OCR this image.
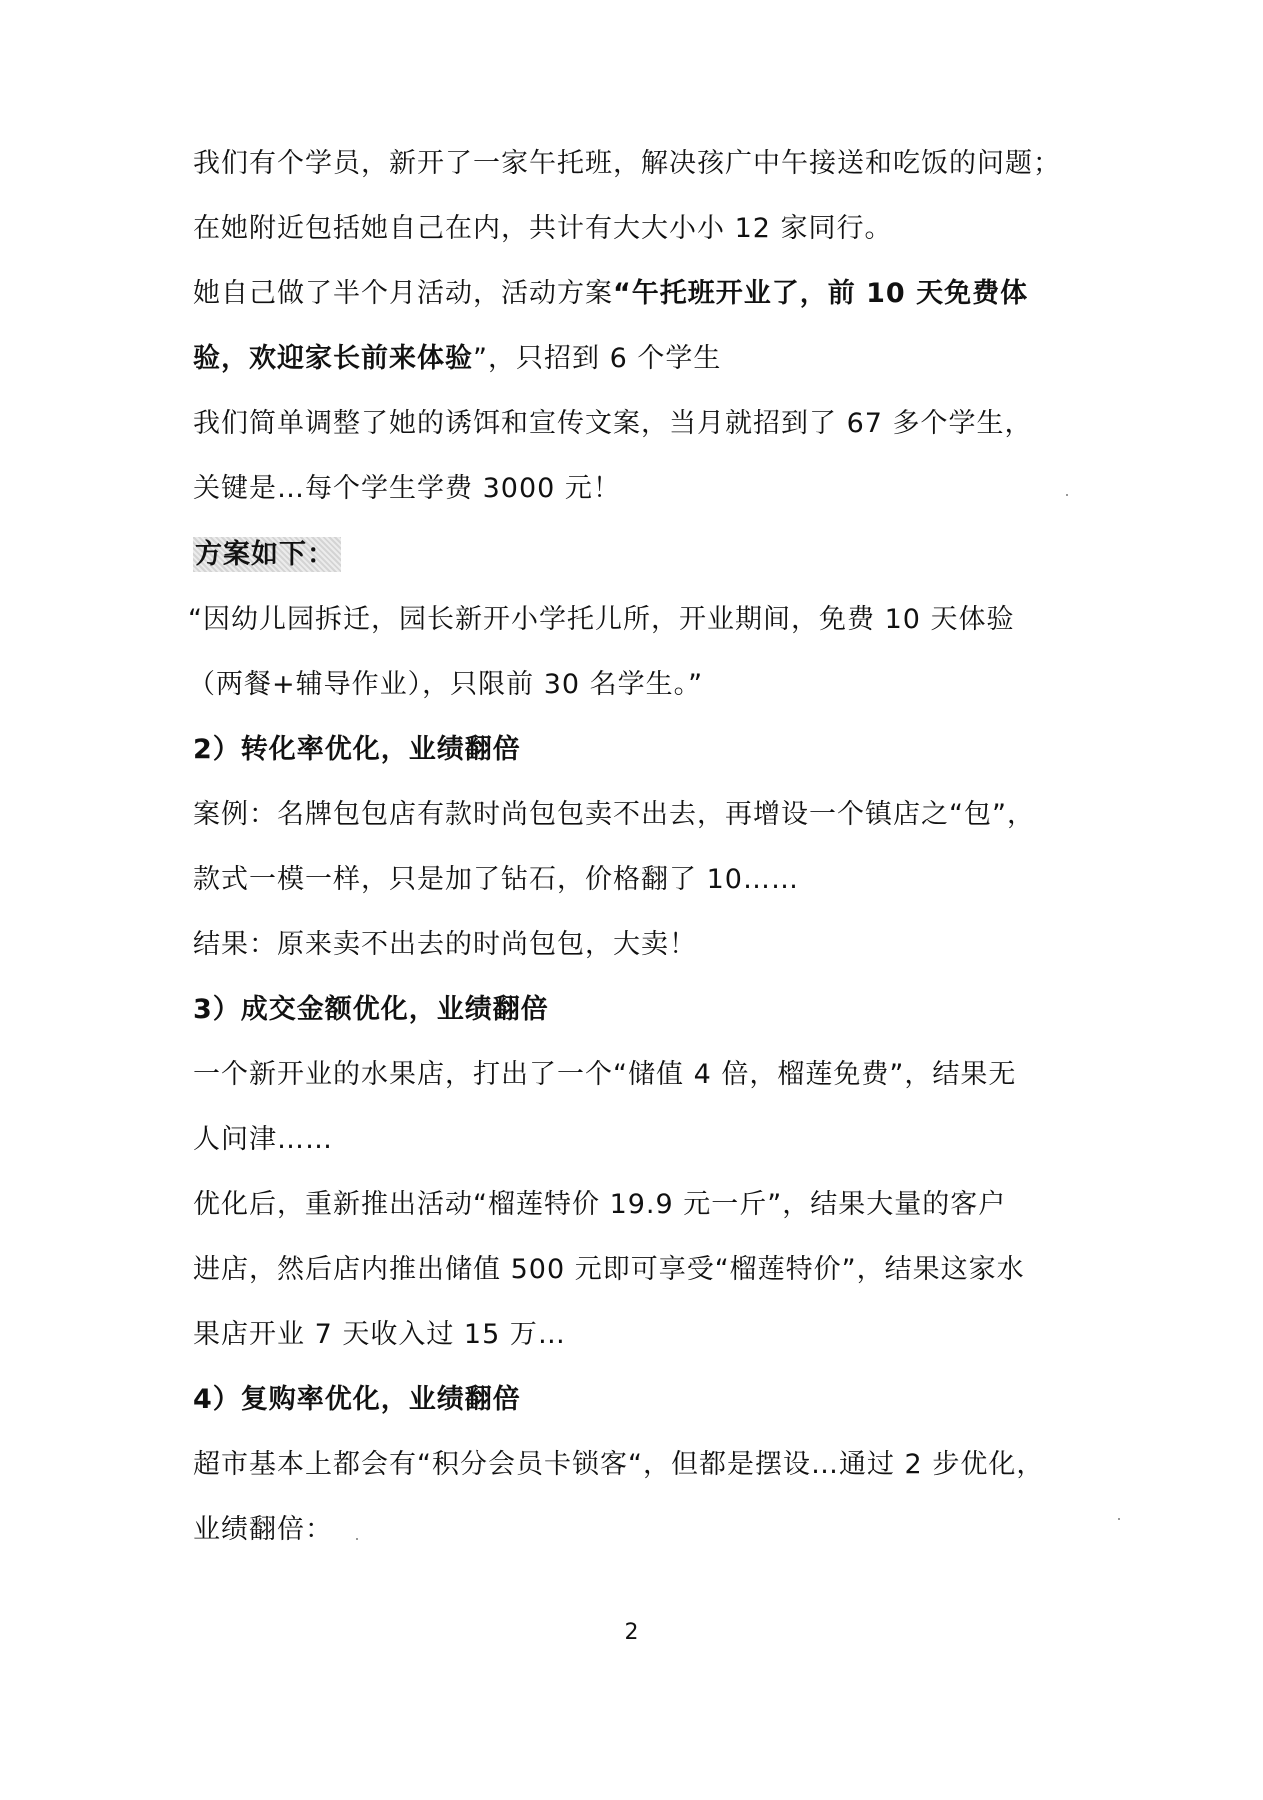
我们有个学员，新开了一家午托班，解决孩广中午接送和吃饭的问题；
在她附近包括她自己在内，共计有大大小小 12 家同行。
她自己做了半个月活动，活动方案“午托班开业了，前 10 天免费体
验，欢迎家长前来体验”，只招到 6 个学生
我们简单调整了她的诱饵和宣传文案，当月就招到了 67 多个学生，
关键是…每个学生学费 3000 元！
方案如下：
“因幼儿园拆迁，园长新开小学托儿所，开业期间，免费 10 天体验
（两餐+辅导作业），只限前 30 名学生。”
2）转化率优化，业绩翻倍
案例：名牌包包店有款时尚包包卖不出去，再增设一个镇店之“包”，
款式一模一样，只是加了钻石，价格翻了 10……
结果：原来卖不出去的时尚包包，大卖！
3）成交金额优化，业绩翻倍
一个新开业的水果店，打出了一个“储值 4 倍，榴莲免费”，结果无
人问津……
优化后，重新推出活动“榴莲特价 19.9 元一斤”，结果大量的客户
进店，然后店内推出储值 500 元即可享受“榴莲特价”，结果这家水
果店开业 7 天收入过 15 万…
4）复购率优化，业绩翻倍
超市基本上都会有“积分会员卡锁客“，但都是摆设…通过 2 步优化，
业绩翻倍：
2
